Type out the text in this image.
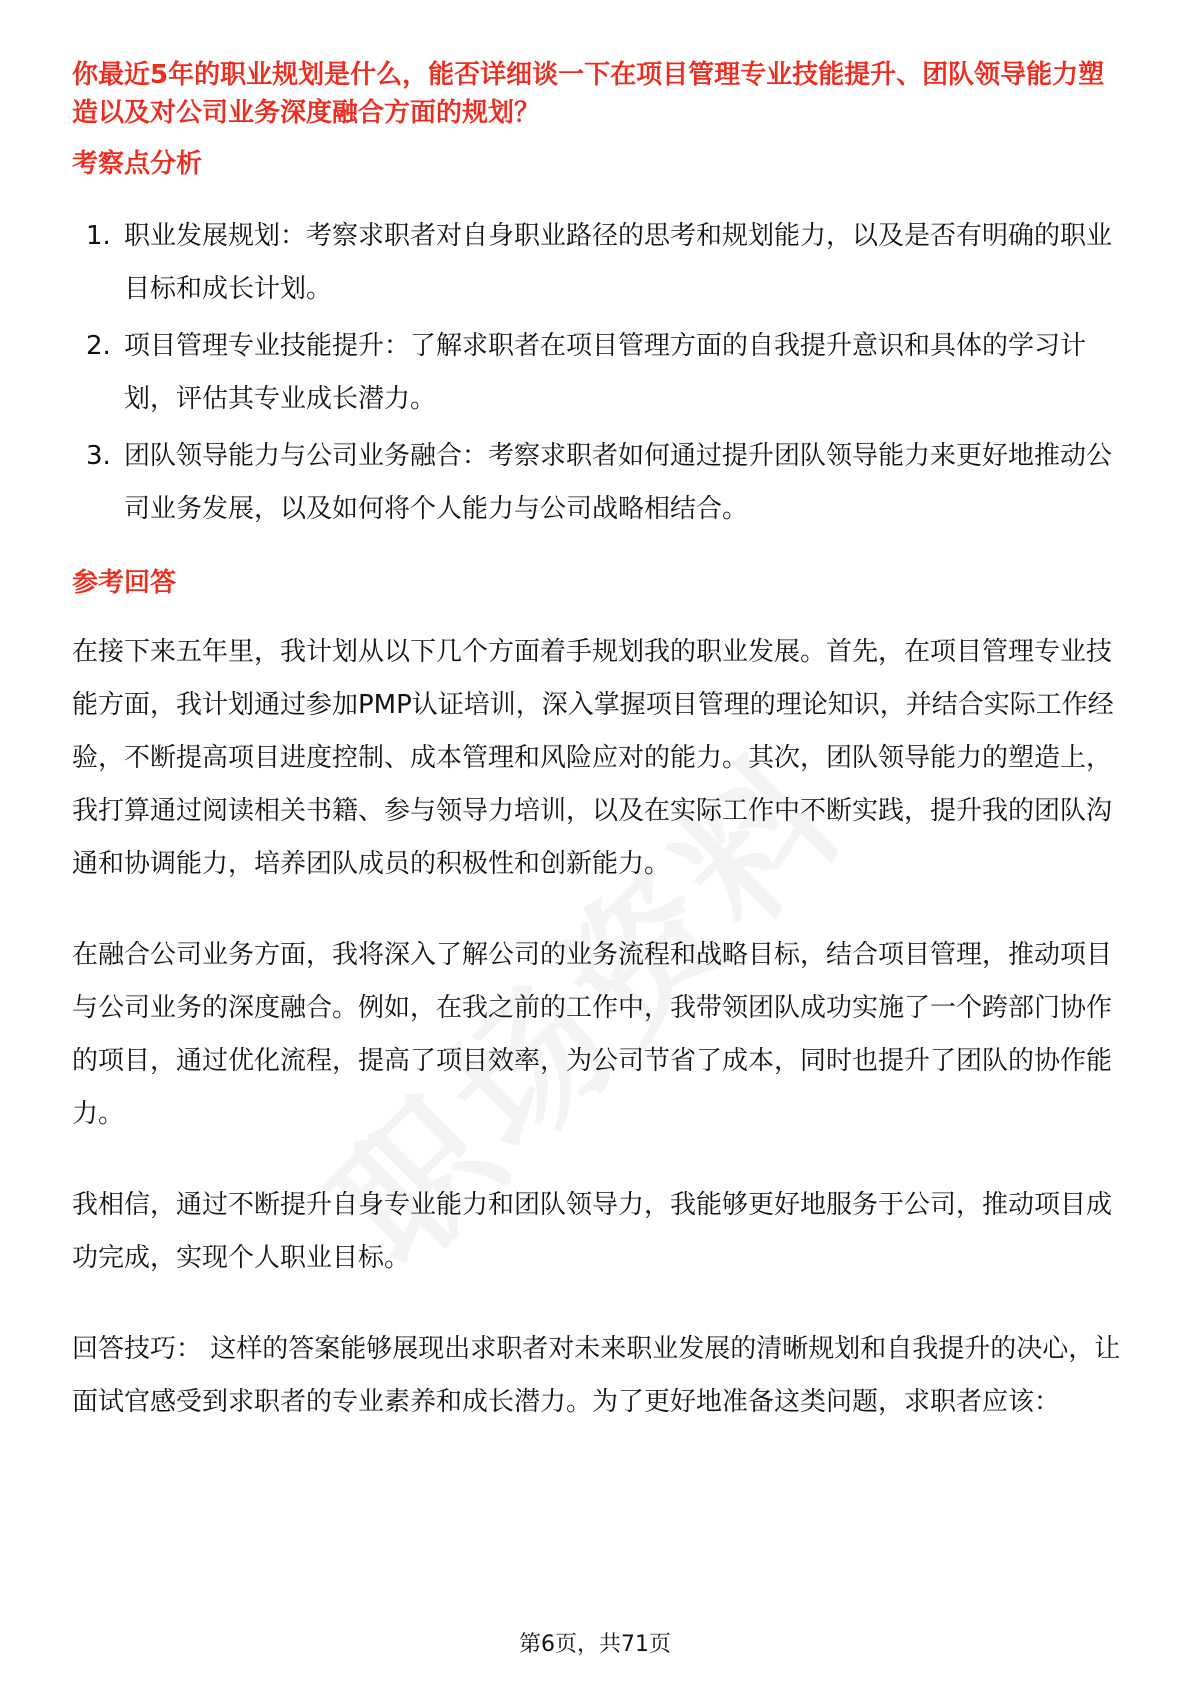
你最近5年的职业规划是什么，能否详细谈一下在项目管理专业技能提升、团队领导能力塑造以及对公司业务深度融合方面的规划？

考察点分析

1. 职业发展规划：考察求职者对自身职业路径的思考和规划能力，以及是否有明确的职业目标和成长计划。
2. 项目管理专业技能提升：了解求职者在项目管理方面的自我提升意识和具体的学习计划，评估其专业成长潜力。
3. 团队领导能力与公司业务融合：考察求职者如何通过提升团队领导能力来更好地推动公司业务发展，以及如何将个人能力与公司战略相结合。

参考回答

在接下来五年里，我计划从以下几个方面着手规划我的职业发展。首先，在项目管理专业技能方面，我计划通过参加PMP认证培训，深入掌握项目管理的理论知识，并结合实际工作经验，不断提高项目进度控制、成本管理和风险应对的能力。其次，团队领导能力的塑造上，我打算通过阅读相关书籍、参与领导力培训，以及在实际工作中不断实践，提升我的团队沟通和协调能力，培养团队成员的积极性和创新能力。

在融合公司业务方面，我将深入了解公司的业务流程和战略目标，结合项目管理，推动项目与公司业务的深度融合。例如，在我之前的工作中，我带领团队成功实施了一个跨部门协作的项目，通过优化流程，提高了项目效率，为公司节省了成本，同时也提升了团队的协作能力。

我相信，通过不断提升自身专业能力和团队领导力，我能够更好地服务于公司，推动项目成功完成，实现个人职业目标。

回答技巧： 这样的答案能够展现出求职者对未来职业发展的清晰规划和自我提升的决心，让面试官感受到求职者的专业素养和成长潜力。为了更好地准备这类问题，求职者应该：

第6页，共71页
